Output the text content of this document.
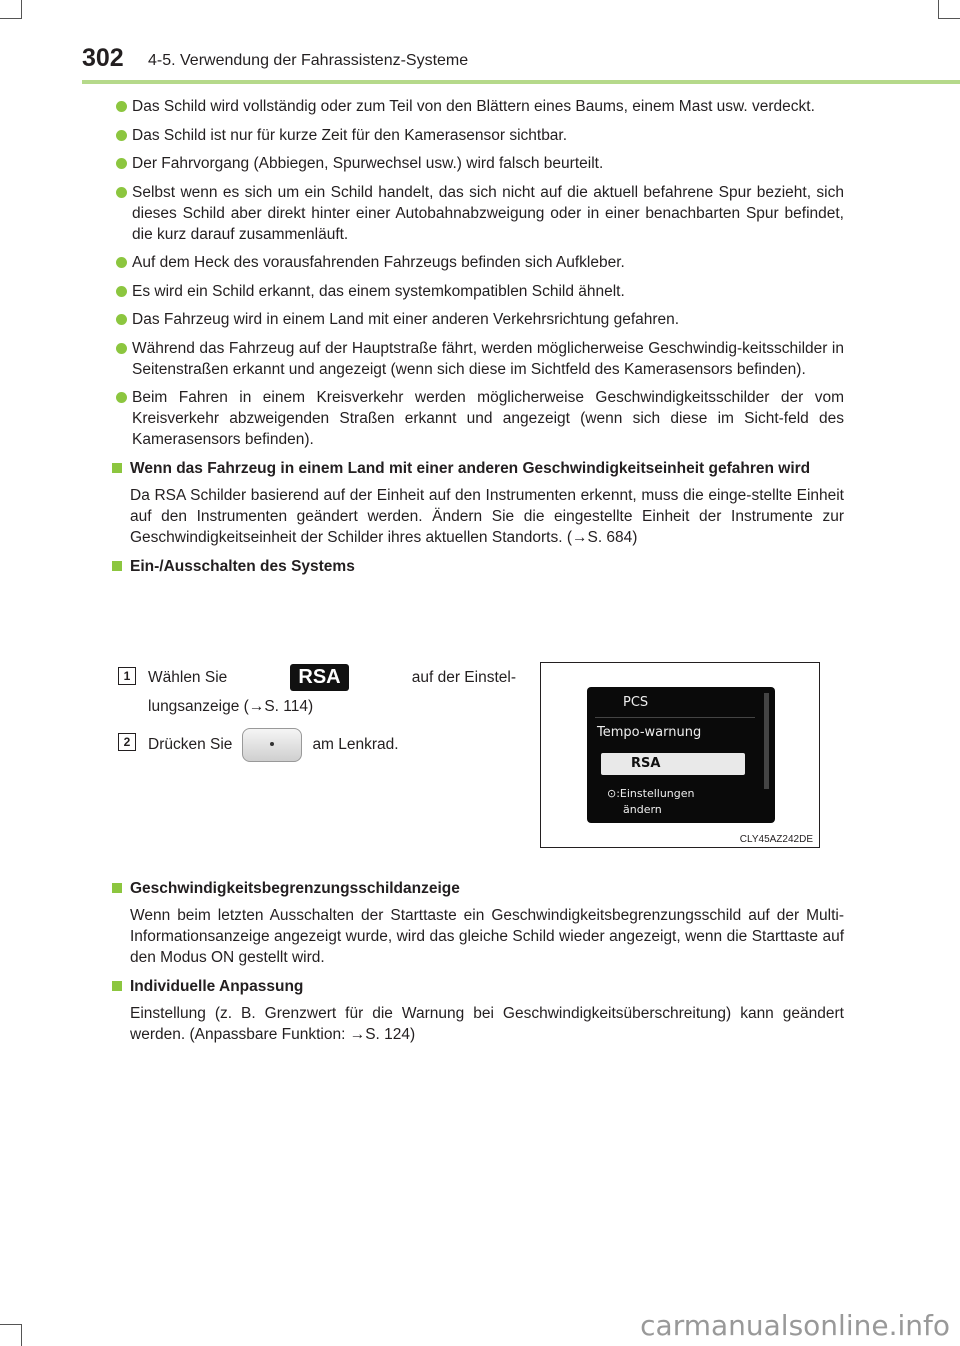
302 4-5. Verwendung der Fahrassistenz-Systeme
Das Schild wird vollständig oder zum Teil von den Blättern eines Baums, einem Mast usw. verdeckt.
Das Schild ist nur für kurze Zeit für den Kamerasensor sichtbar.
Der Fahrvorgang (Abbiegen, Spurwechsel usw.) wird falsch beurteilt.
Selbst wenn es sich um ein Schild handelt, das sich nicht auf die aktuell befahrene Spur bezieht, sich dieses Schild aber direkt hinter einer Autobahnabzweigung oder in einer benachbarten Spur befindet, die kurz darauf zusammenläuft.
Auf dem Heck des vorausfahrenden Fahrzeugs befinden sich Aufkleber.
Es wird ein Schild erkannt, das einem systemkompatiblen Schild ähnelt.
Das Fahrzeug wird in einem Land mit einer anderen Verkehrsrichtung gefahren.
Während das Fahrzeug auf der Hauptstraße fährt, werden möglicherweise Geschwindig-keitsschilder in Seitenstraßen erkannt und angezeigt (wenn sich diese im Sichtfeld des Kamerasensors befinden).
Beim Fahren in einem Kreisverkehr werden möglicherweise Geschwindigkeitsschilder der vom Kreisverkehr abzweigenden Straßen erkannt und angezeigt (wenn sich diese im Sicht-feld des Kamerasensors befinden).
Wenn das Fahrzeug in einem Land mit einer anderen Geschwindigkeitseinheit gefahren wird
Da RSA Schilder basierend auf der Einheit auf den Instrumenten erkennt, muss die einge-stellte Einheit auf den Instrumenten geändert werden. Ändern Sie die eingestellte Einheit der Instrumente zur Geschwindigkeitseinheit der Schilder ihres aktuellen Standorts. (→S. 684)
Ein-/Ausschalten des Systems
1	Wählen Sie	RSA	auf der Einstel-
lungsanzeige (→S. 114)
2	Drücken Sie	am Lenkrad.
PCS
Tempo-warnung
RSA
⊙:Einstellungen
ändern
CLY45AZ242DE
Geschwindigkeitsbegrenzungsschildanzeige
Wenn beim letzten Ausschalten der Starttaste ein Geschwindigkeitsbegrenzungsschild auf der Multi-Informationsanzeige angezeigt wurde, wird das gleiche Schild wieder angezeigt, wenn die Starttaste auf den Modus ON gestellt wird.
Individuelle Anpassung
Einstellung (z. B. Grenzwert für die Warnung bei Geschwindigkeitsüberschreitung) kann geändert werden. (Anpassbare Funktion: →S. 124)
carmanualsonline.info
